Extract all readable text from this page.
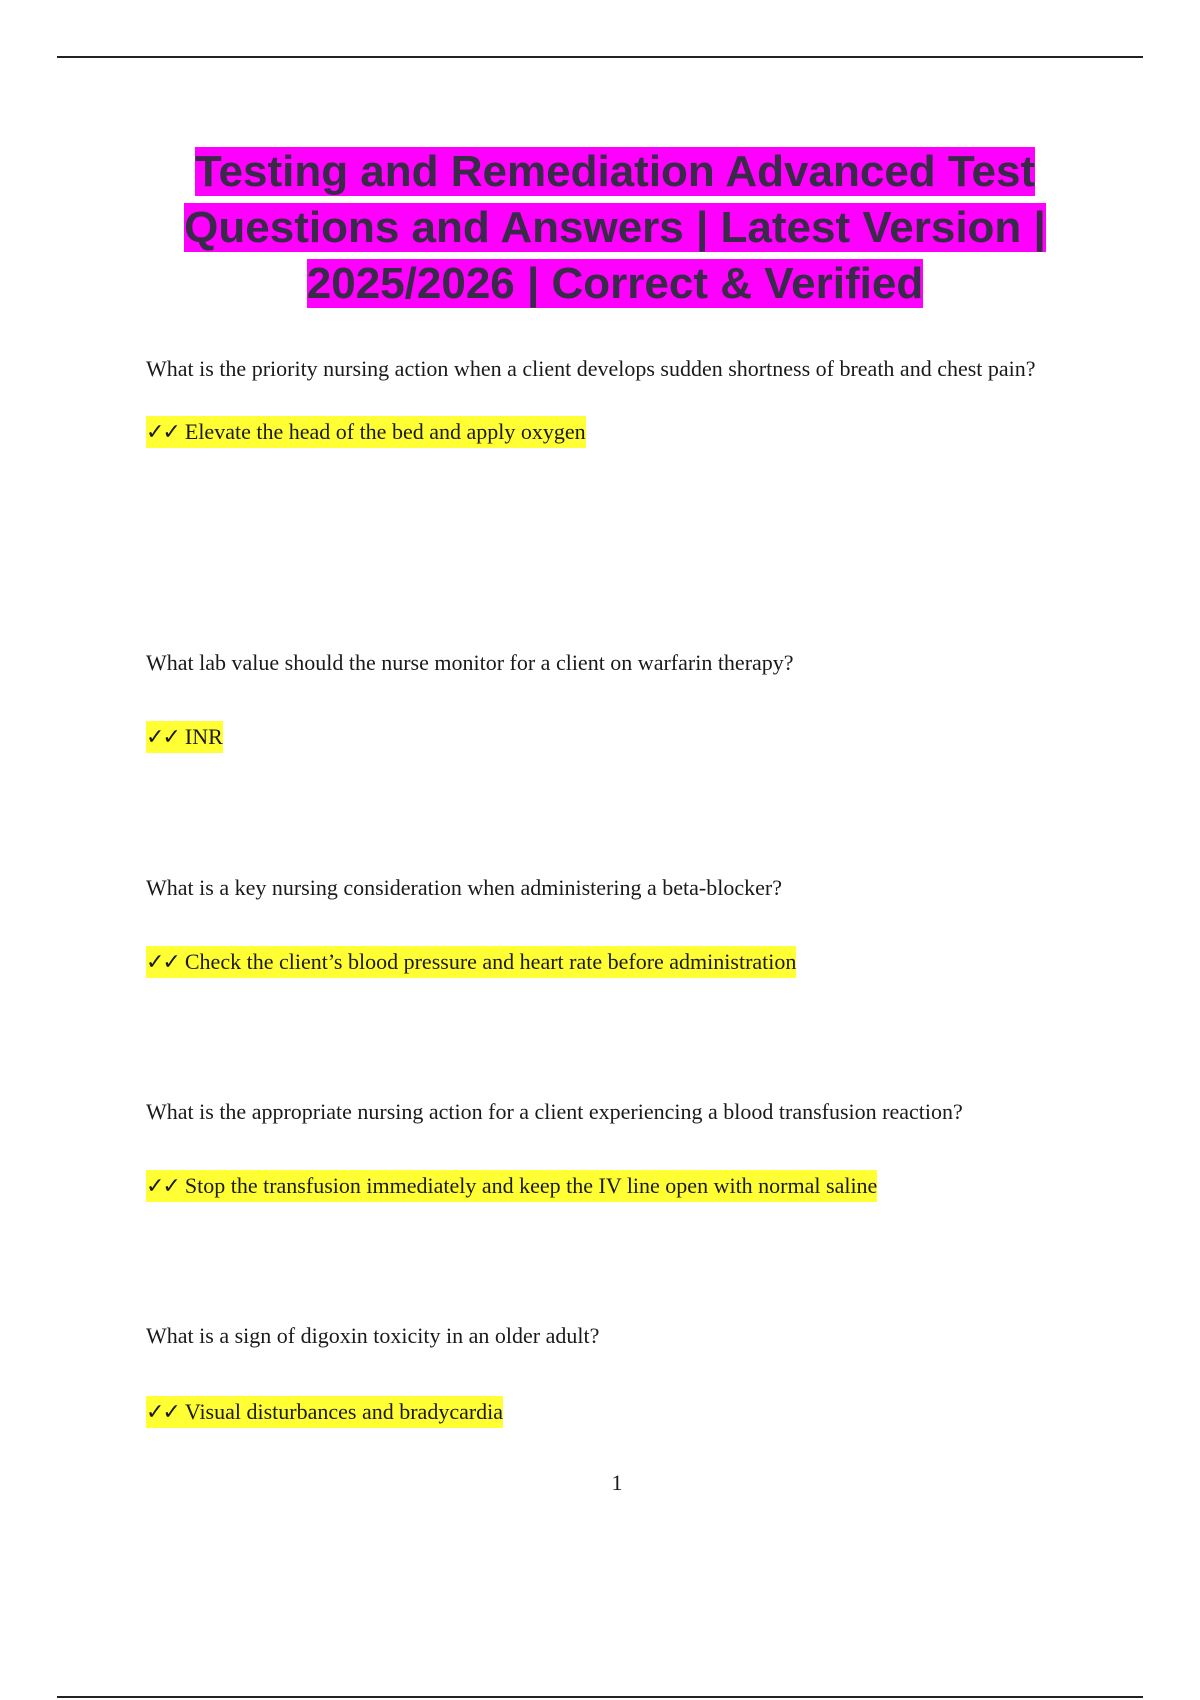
Testing and Remediation Advanced Test Questions and Answers | Latest Version | 2025/2026 | Correct & Verified

What is the priority nursing action when a client develops sudden shortness of breath and chest pain?

✓✓ Elevate the head of the bed and apply oxygen

What lab value should the nurse monitor for a client on warfarin therapy?

✓✓ INR

What is a key nursing consideration when administering a beta-blocker?

✓✓ Check the client’s blood pressure and heart rate before administration

What is the appropriate nursing action for a client experiencing a blood transfusion reaction?

✓✓ Stop the transfusion immediately and keep the IV line open with normal saline

What is a sign of digoxin toxicity in an older adult?

✓✓ Visual disturbances and bradycardia

1
